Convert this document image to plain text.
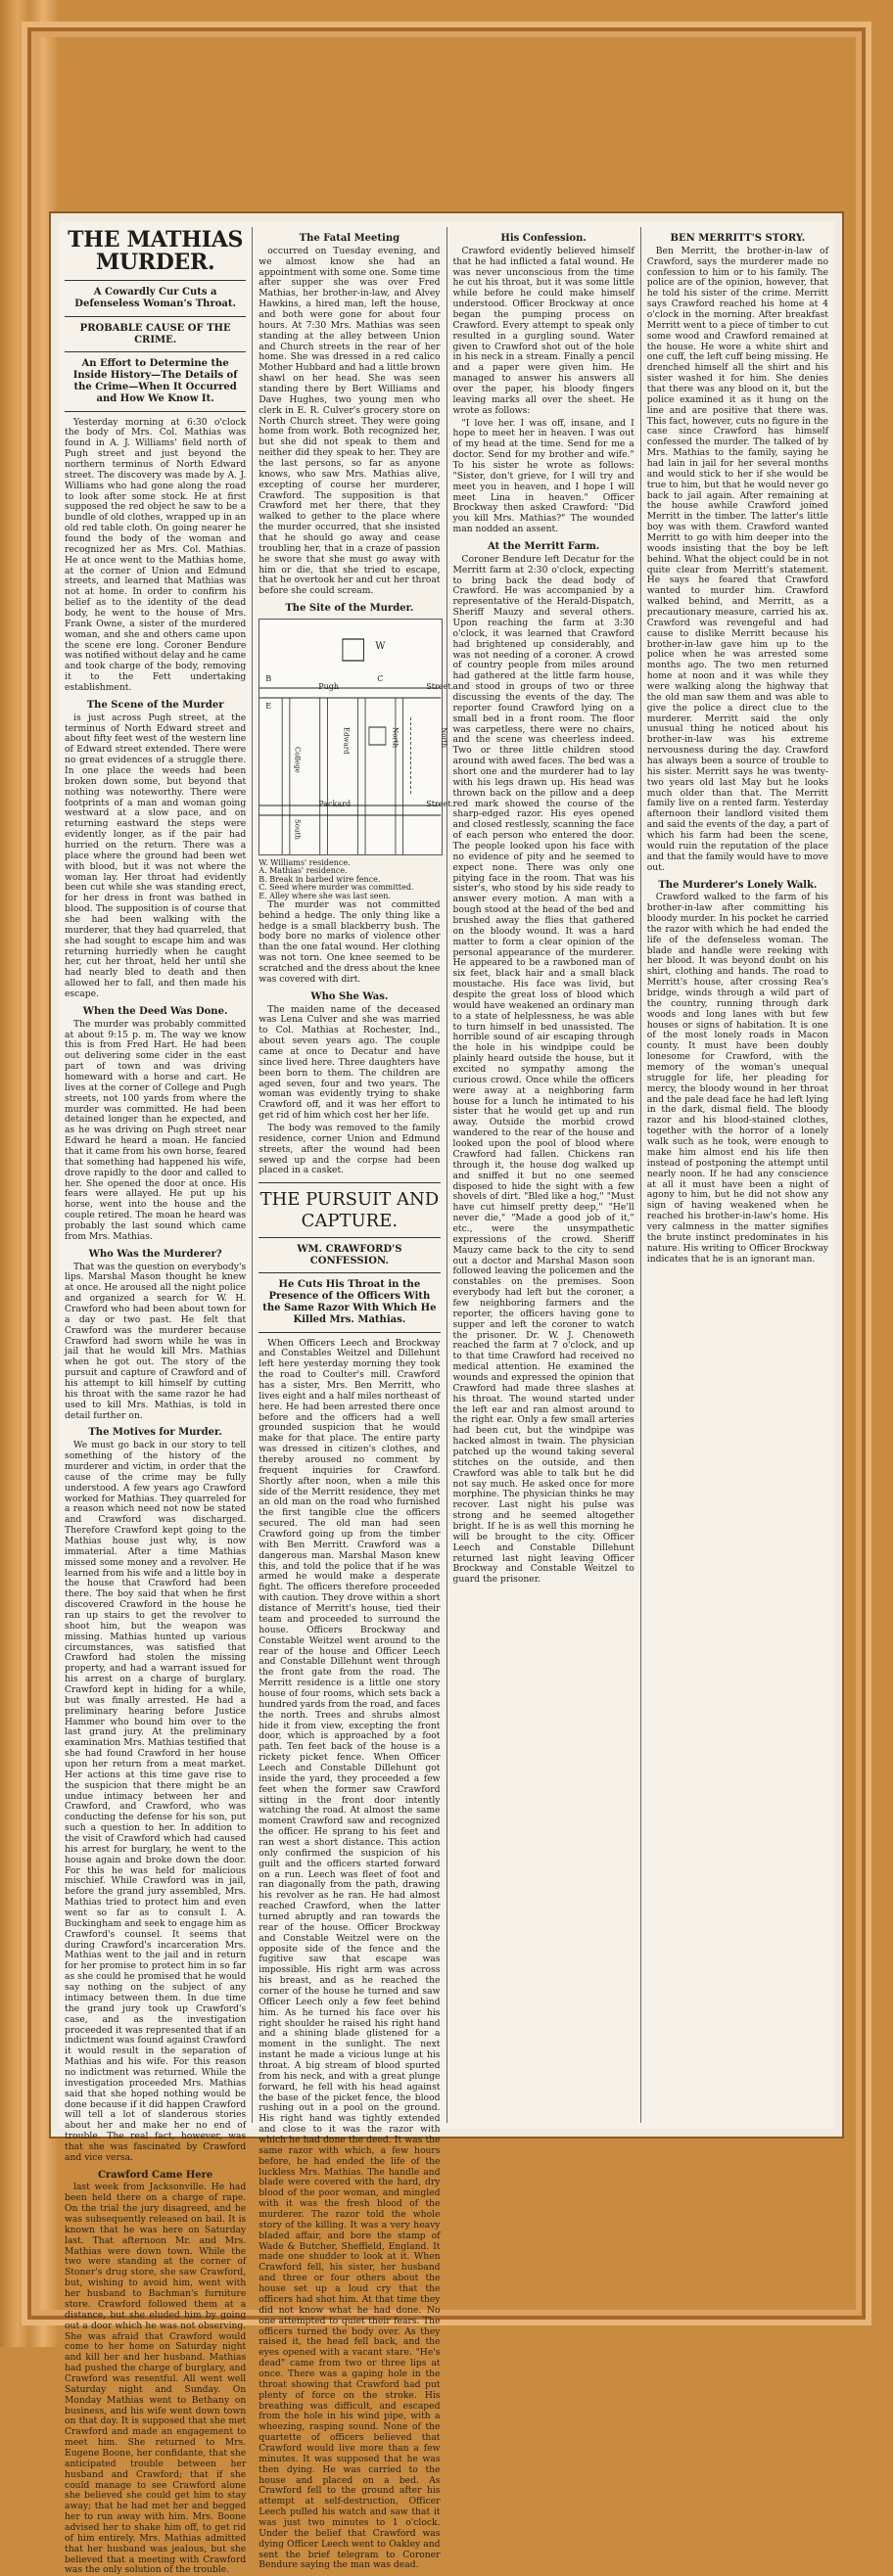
THE MATHIAS MURDER.
A Cowardly Cur Cuts a Defenseless Woman's Throat.
PROBABLE CAUSE OF THE CRIME.
An Effort to Determine the Inside History—The Details of the Crime—When It Occurred and How We Know It.

Yesterday morning at 6:30 o'clock the body of Mrs. Col. Mathias was found in A. J. Williams' field north of Pugh street and just beyond the northern terminus of North Edward street. The discovery was made by A. J. Williams who had gone along the road to look after some stock. He at first supposed the red object he saw to be a bundle of old clothes, wrapped up in an old red table cloth. On going nearer he found the body of the woman and recognized her as Mrs. Col. Mathias. He at once went to the Mathias home, at the corner of Union and Edmund streets, and learned that Mathias was not at home. In order to confirm his belief as to the identity of the dead body, he went to the house of Mrs. Frank Owne, a sister of the murdered woman, and she and others came upon the scene ere long. Coroner Bendure was notified without delay and he came and took charge of the body, removing it to the Fett undertaking establishment.

The Scene of the Murder

is just across Pugh street, at the terminus of North Edward street and about fifty feet west of the western line of Edward street extended. There were no great evidences of a struggle there. In one place the weeds had been broken down some, but beyond that nothing was noteworthy. There were footprints of a man and woman going westward at a slow pace, and on returning eastward the steps were evidently longer, as if the pair had hurried on the return. There was a place where the ground had been wet with blood, but it was not where the woman lay. Her throat had evidently been cut while she was standing erect, for her dress in front was bathed in blood. The supposition is of course that she had been walking with the murderer, that they had quarreled, that she had sought to escape him and was returning hurriedly when he caught her, cut her throat, held her until she had nearly bled to death and then allowed her to fall, and then made his escape.

When the Deed Was Done.

The murder was probably committed at about 9:15 p. m. The way we know this is from Fred Hart. He had been out delivering some cider in the east part of town and was driving homeward with a horse and cart. He lives at the corner of College and Pugh streets, not 100 yards from where the murder was committed. He had been detained longer than he expected, and as he was driving on Pugh street near Edward he heard a moan. He fancied that it came from his own horse, feared that something had happened his wife, drove rapidly to the door and called to her. She opened the door at once. His fears were allayed. He put up his horse, went into the house and the couple retired. The moan he heard was probably the last sound which came from Mrs. Mathias.

Who Was the Murderer?

That was the question on everybody's lips. Marshal Mason thought he knew at once. He aroused all the night police and organized a search for W. H. Crawford who had been about town for a day or two past. He felt that Crawford was the murderer because Crawford had sworn while he was in jail that he would kill Mrs. Mathias when he got out. The story of the pursuit and capture of Crawford and of his attempt to kill himself by cutting his throat with the same razor he had used to kill Mrs. Mathias, is told in detail further on.

The Motives for Murder.

We must go back in our story to tell something of the history of the murderer and victim, in order that the cause of the crime may be fully understood. A few years ago Crawford worked for Mathias. They quarreled for a reason which need not now be stated and Crawford was discharged. Therefore Crawford kept going to the Mathias house just why, is now immaterial. After a time Mathias missed some money and a revolver. He learned from his wife and a little boy in the house that Crawford had been there. The boy said that when he first discovered Crawford in the house he ran up stairs to get the revolver to shoot him, but the weapon was missing. Mathias hunted up various circumstances, was satisfied that Crawford had stolen the missing property, and had a warrant issued for his arrest on a charge of burglary. Crawford kept in hiding for a while, but was finally arrested. He had a preliminary hearing before Justice Hammer who bound him over to the last grand jury. At the preliminary examination Mrs. Mathias testified that she had found Crawford in her house upon her return from a meat market. Her actions at this time gave rise to the suspicion that there might be an undue intimacy between her and Crawford, and Crawford, who was conducting the defense for his son, put such a question to her. In addition to the visit of Crawford which had caused his arrest for burglary, he went to the house again and broke down the door. For this he was held for malicious mischief. While Crawford was in jail, before the grand jury assembled, Mrs. Mathias tried to protect him and even went so far as to consult I. A. Buckingham and seek to engage him as Crawford's counsel. It seems that during Crawford's incarceration Mrs. Mathias went to the jail and in return for her promise to protect him in so far as she could he promised that he would say nothing on the subject of any intimacy between them. In due time the grand jury took up Crawford's case, and as the investigation proceeded it was represented that if an indictment was found against Crawford it would result in the separation of Mathias and his wife. For this reason no indictment was returned. While the investigation proceeded Mrs. Mathias said that she hoped nothing would be done because if it did happen Crawford will tell a lot of slanderous stories about her and make her no end of trouble. The real fact, however, was that she was fascinated by Crawford and vice versa.

Crawford Came Here

last week from Jacksonville. He had been held there on a charge of rape. On the trial the jury disagreed, and he was subsequently released on bail. It is known that he was here on Saturday last. That afternoon Mr. and Mrs. Mathias were down town. While the two were standing at the corner of Stoner's drug store, she saw Crawford, but, wishing to avoid him, went with her husband to Bachman's furniture store. Crawford followed them at a distance, but she eluded him by going out a door which he was not observing. She was afraid that Crawford would come to her home on Saturday night and kill her and her husband. Mathias had pushed the charge of burglary, and Crawford was resentful. All went well Saturday night and Sunday. On Monday Mathias went to Bethany on business, and his wife went down town on that day. It is supposed that she met Crawford and made an engagement to meet him. She returned to Mrs. Eugene Boone, her confidante, that she anticipated trouble between her husband and Crawford; that if she could manage to see Crawford alone she believed she could get him to stay away; that he had met her and begged her to run away with him. Mrs. Boone advised her to shake him off, to get rid of him entirely. Mrs. Mathias admitted that her husband was jealous, but she believed that a meeting with Crawford was the only solution of the trouble.

The Fatal Meeting

occurred on Tuesday evening, and we almost know she had an appointment with some one. Some time after supper she was over Fred Mathias, her brother-in-law, and Alvey Hawkins, a hired man, left the house, and both were gone for about four hours. At 7:30 Mrs. Mathias was seen standing at the alley between Union and Church streets in the rear of her home. She was dressed in a red calico Mother Hubbard and had a little brown shawl on her head. She was seen standing there by Bert Williams and Dave Hughes, two young men who clerk in E. R. Culver's grocery store on North Church street. They were going home from work. Both recognized her, but she did not speak to them and neither did they speak to her. They are the last persons, so far as anyone knows, who saw Mrs. Mathias alive, excepting of course her murderer, Crawford. The supposition is that Crawford met her there, that they walked to gether to the place where the murder occurred, that she insisted that he should go away and cease troubling her, that in a craze of passion he swore that she must go away with him or die, that she tried to escape, that he overtook her and cut her throat before she could scream.

The Site of the Murder.
W
B	C
E
Pugh	Street.
Packard	Street.
College
Edward	North	North
South
W. Williams' residence.
A. Mathias' residence.
B. Break in barbed wire fence.
C. Seed where murder was committed.
E. Alley where she was last seen.

The murder was not committed behind a hedge. The only thing like a hedge is a small blackberry bush. The body bore no marks of violence other than the one fatal wound. Her clothing was not torn. One knee seemed to be scratched and the dress about the knee was covered with dirt.

Who She Was.

The maiden name of the deceased was Lena Culver and she was married to Col. Mathias at Rochester, Ind., about seven years ago. The couple came at once to Decatur and have since lived here. Three daughters have been born to them. The children are aged seven, four and two years. The woman was evidently trying to shake Crawford off, and it was her effort to get rid of him which cost her her life.

The body was removed to the family residence, corner Union and Edmund streets, after the wound had been sewed up and the corpse had been placed in a casket.

THE PURSUIT AND CAPTURE.
WM. CRAWFORD'S CONFESSION.
He Cuts His Throat in the Presence of the Officers With the Same Razor With Which He Killed Mrs. Mathias.

When Officers Leech and Brockway and Constables Weitzel and Dillehunt left here yesterday morning they took the road to Coulter's mill. Crawford has a sister, Mrs. Ben Merritt, who lives eight and a half miles northeast of here. He had been arrested there once before and the officers had a well grounded suspicion that he would make for that place. The entire party was dressed in citizen's clothes, and thereby aroused no comment by frequent inquiries for Crawford. Shortly after noon, when a mile this side of the Merritt residence, they met an old man on the road who furnished the first tangible clue the officers secured. The old man had seen Crawford going up from the timber with Ben Merritt. Crawford was a dangerous man. Marshal Mason knew this, and told the police that if he was armed he would make a desperate fight. The officers therefore proceeded with caution. They drove within a short distance of Merritt's house, tied their team and proceeded to surround the house. Officers Brockway and Constable Weitzel went around to the rear of the house and Officer Leech and Constable Dillehunt went through the front gate from the road. The Merritt residence is a little one story house of four rooms, which sets back a hundred yards from the road, and faces the north. Trees and shrubs almost hide it from view, excepting the front door, which is approached by a foot path. Ten feet back of the house is a rickety picket fence. When Officer Leech and Constable Dillehunt got inside the yard, they proceeded a few feet when the former saw Crawford sitting in the front door intently watching the road. At almost the same moment Crawford saw and recognized the officer. He sprang to his feet and ran west a short distance. This action only confirmed the suspicion of his guilt and the officers started forward on a run. Leech was fleet of foot and ran diagonally from the path, drawing his revolver as he ran. He had almost reached Crawford, when the latter turned abruptly and ran towards the rear of the house. Officer Brockway and Constable Weitzel were on the opposite side of the fence and the fugitive saw that escape was impossible. His right arm was across his breast, and as he reached the corner of the house he turned and saw Officer Leech only a few feet behind him. As he turned his face over his right shoulder he raised his right hand and a shining blade glistened for a moment in the sunlight. The next instant he made a vicious lunge at his throat. A big stream of blood spurted from his neck, and with a great plunge forward, he fell with his head against the base of the picket fence, the blood rushing out in a pool on the ground. His right hand was tightly extended and close to it was the razor with which he had done the deed. It was the same razor with which, a few hours before, he had ended the life of the luckless Mrs. Mathias. The handle and blade were covered with the hard, dry blood of the poor woman, and mingled with it was the fresh blood of the murderer. The razor told the whole story of the killing. It was a very heavy bladed affair, and bore the stamp of Wade & Butcher, Sheffield, England. It made one shudder to look at it. When Crawford fell, his sister, her husband and three or four others about the house set up a loud cry that the officers had shot him. At that time they did not know what he had done. No one attempted to quiet their fears. The officers turned the body over. As they raised it, the head fell back, and the eyes opened with a vacant stare. "He's dead" came from two or three lips at once. There was a gaping hole in the throat showing that Crawford had put plenty of force on the stroke. His breathing was difficult, and escaped from the hole in his wind pipe, with a wheezing, rasping sound. None of the quartette of officers believed that Crawford would live more than a few minutes. It was supposed that he was then dying. He was carried to the house and placed on a bed. As Crawford fell to the ground after his attempt at self-destruction, Officer Leech pulled his watch and saw that it was just two minutes to 1 o'clock. Under the belief that Crawford was dying Officer Leech went to Oakley and sent the brief telegram to Coroner Bendure saying the man was dead.

His Confession.

Crawford evidently believed himself that he had inflicted a fatal wound. He was never unconscious from the time he cut his throat, but it was some little while before he could make himself understood. Officer Brockway at once began the pumping process on Crawford. Every attempt to speak only resulted in a gurgling sound. Water given to Crawford shot out of the hole in his neck in a stream. Finally a pencil and a paper were given him. He managed to answer his answers all over the paper, his bloody fingers leaving marks all over the sheet. He wrote as follows:

"I love her. I was off, insane, and I hope to meet her in heaven. I was out of my head at the time. Send for me a doctor. Send for my brother and wife." To his sister he wrote as follows: "Sister, don't grieve, for I will try and meet you in heaven, and I hope I will meet Lina in heaven." Officer Brockway then asked Crawford: "Did you kill Mrs. Mathias?" The wounded man nodded an assent.

At the Merritt Farm.

Coroner Bendure left Decatur for the Merritt farm at 2:30 o'clock, expecting to bring back the dead body of Crawford. He was accompanied by a representative of the Herald-Dispatch, Sheriff Mauzy and several others. Upon reaching the farm at 3:30 o'clock, it was learned that Crawford had brightened up considerably, and was not needing of a coroner. A crowd of country people from miles around had gathered at the little farm house, and stood in groups of two or three discussing the events of the day. The reporter found Crawford lying on a small bed in a front room. The floor was carpetless, there were no chairs, and the scene was cheerless indeed. Two or three little children stood around with awed faces. The bed was a short one and the murderer had to lay with his legs drawn up. His head was thrown back on the pillow and a deep red mark showed the course of the sharp-edged razor. His eyes opened and closed restlessly, scanning the face of each person who entered the door. The people looked upon his face with no evidence of pity and he seemed to expect none. There was only one pitying face in the room. That was his sister's, who stood by his side ready to answer every motion. A man with a bough stood at the head of the bed and brushed away the flies that gathered on the bloody wound. It was a hard matter to form a clear opinion of the personal appearance of the murderer. He appeared to be a rawboned man of six feet, black hair and a small black moustache. His face was livid, but despite the great loss of blood which would have weakened an ordinary man to a state of helplessness, he was able to turn himself in bed unassisted. The horrible sound of air escaping through the hole in his windpipe could be plainly heard outside the house, but it excited no sympathy among the curious crowd. Once while the officers were away at a neighboring farm house for a lunch he intimated to his sister that he would get up and run away. Outside the morbid crowd wandered to the rear of the house and looked upon the pool of blood where Crawford had fallen. Chickens ran through it, the house dog walked up and sniffed it but no one seemed disposed to hide the sight with a few shovels of dirt. "Bled like a hog," "Must have cut himself pretty deep," "He'll never die," "Made a good job of it," etc., were the unsympathetic expressions of the crowd. Sheriff Mauzy came back to the city to send out a doctor and Marshal Mason soon followed leaving the policemen and the constables on the premises. Soon everybody had left but the coroner, a few neighboring farmers and the reporter, the officers having gone to supper and left the coroner to watch the prisoner. Dr. W. J. Chenoweth reached the farm at 7 o'clock, and up to that time Crawford had received no medical attention. He examined the wounds and expressed the opinion that Crawford had made three slashes at his throat. The wound started under the left ear and ran almost around to the right ear. Only a few small arteries had been cut, but the windpipe was hacked almost in twain. The physician patched up the wound taking several stitches on the outside, and then Crawford was able to talk but he did not say much. He asked once for more morphine. The physician thinks he may recover. Last night his pulse was strong and he seemed altogether bright. If he is as well this morning he will be brought to the city. Officer Leech and Constable Dillehunt returned last night leaving Officer Brockway and Constable Weitzel to guard the prisoner.

BEN MERRITT'S STORY.

Ben Merritt, the brother-in-law of Crawford, says the murderer made no confession to him or to his family. The police are of the opinion, however, that he told his sister of the crime. Merritt says Crawford reached his home at 4 o'clock in the morning. After breakfast Merritt went to a piece of timber to cut some wood and Crawford remained at the house. He wore a white shirt and one cuff, the left cuff being missing. He drenched himself all the shirt and his sister washed it for him. She denies that there was any blood on it, but the police examined it as it hung on the line and are positive that there was. This fact, however, cuts no figure in the case since Crawford has himself confessed the murder. The talked of by Mrs. Mathias to the family, saying he had lain in jail for her several months and would stick to her if she would be true to him, but that he would never go back to jail again. After remaining at the house awhile Crawford joined Merritt in the timber. The latter's little boy was with them. Crawford wanted Merritt to go with him deeper into the woods insisting that the boy be left behind. What the object could be in not quite clear from Merritt's statement. He says he feared that Crawford wanted to murder him. Crawford walked behind, and Merritt, as a precautionary measure, carried his ax. Crawford was revengeful and had cause to dislike Merritt because his brother-in-law gave him up to the police when he was arrested some months ago. The two men returned home at noon and it was while they were walking along the highway that the old man saw them and was able to give the police a direct clue to the murderer. Merritt said the only unusual thing he noticed about his brother-in-law was his extreme nervousness during the day. Crawford has always been a source of trouble to his sister. Merritt says he was twenty-two years old last May but he looks much older than that. The Merritt family live on a rented farm. Yesterday afternoon their landlord visited them and said the events of the day, a part of which his farm had been the scene, would ruin the reputation of the place and that the family would have to move out.

The Murderer's Lonely Walk.

Crawford walked to the farm of his brother-in-law after committing his bloody murder. In his pocket he carried the razor with which he had ended the life of the defenseless woman. The blade and handle were reeking with her blood. It was beyond doubt on his shirt, clothing and hands. The road to Merritt's house, after crossing Rea's bridge, winds through a wild part of the country, running through dark woods and long lanes with but few houses or signs of habitation. It is one of the most lonely roads in Macon county. It must have been doubly lonesome for Crawford, with the memory of the woman's unequal struggle for life, her pleading for mercy, the bloody wound in her throat and the pale dead face he had left lying in the dark, dismal field. The bloody razor and his blood-stained clothes, together with the horror of a lonely walk such as he took, were enough to make him almost end his life then instead of postponing the attempt until nearly noon. If he had any conscience at all it must have been a night of agony to him, but he did not show any sign of having weakened when he reached his brother-in-law's home. His very calmness in the matter signifies the brute instinct predominates in his nature. His writing to Officer Brockway indicates that he is an ignorant man.
